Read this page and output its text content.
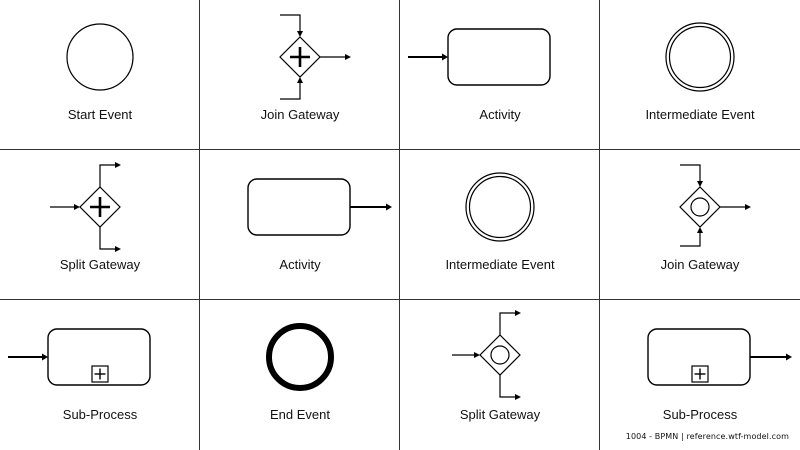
Start Event	Join Gateway	Activity	Intermediate Event
Split Gateway	Activity	Intermediate Event	Join Gateway
Sub-Process	End Event	Split Gateway	Sub-Process
1004 - BPMN | reference.wtf-model.com
